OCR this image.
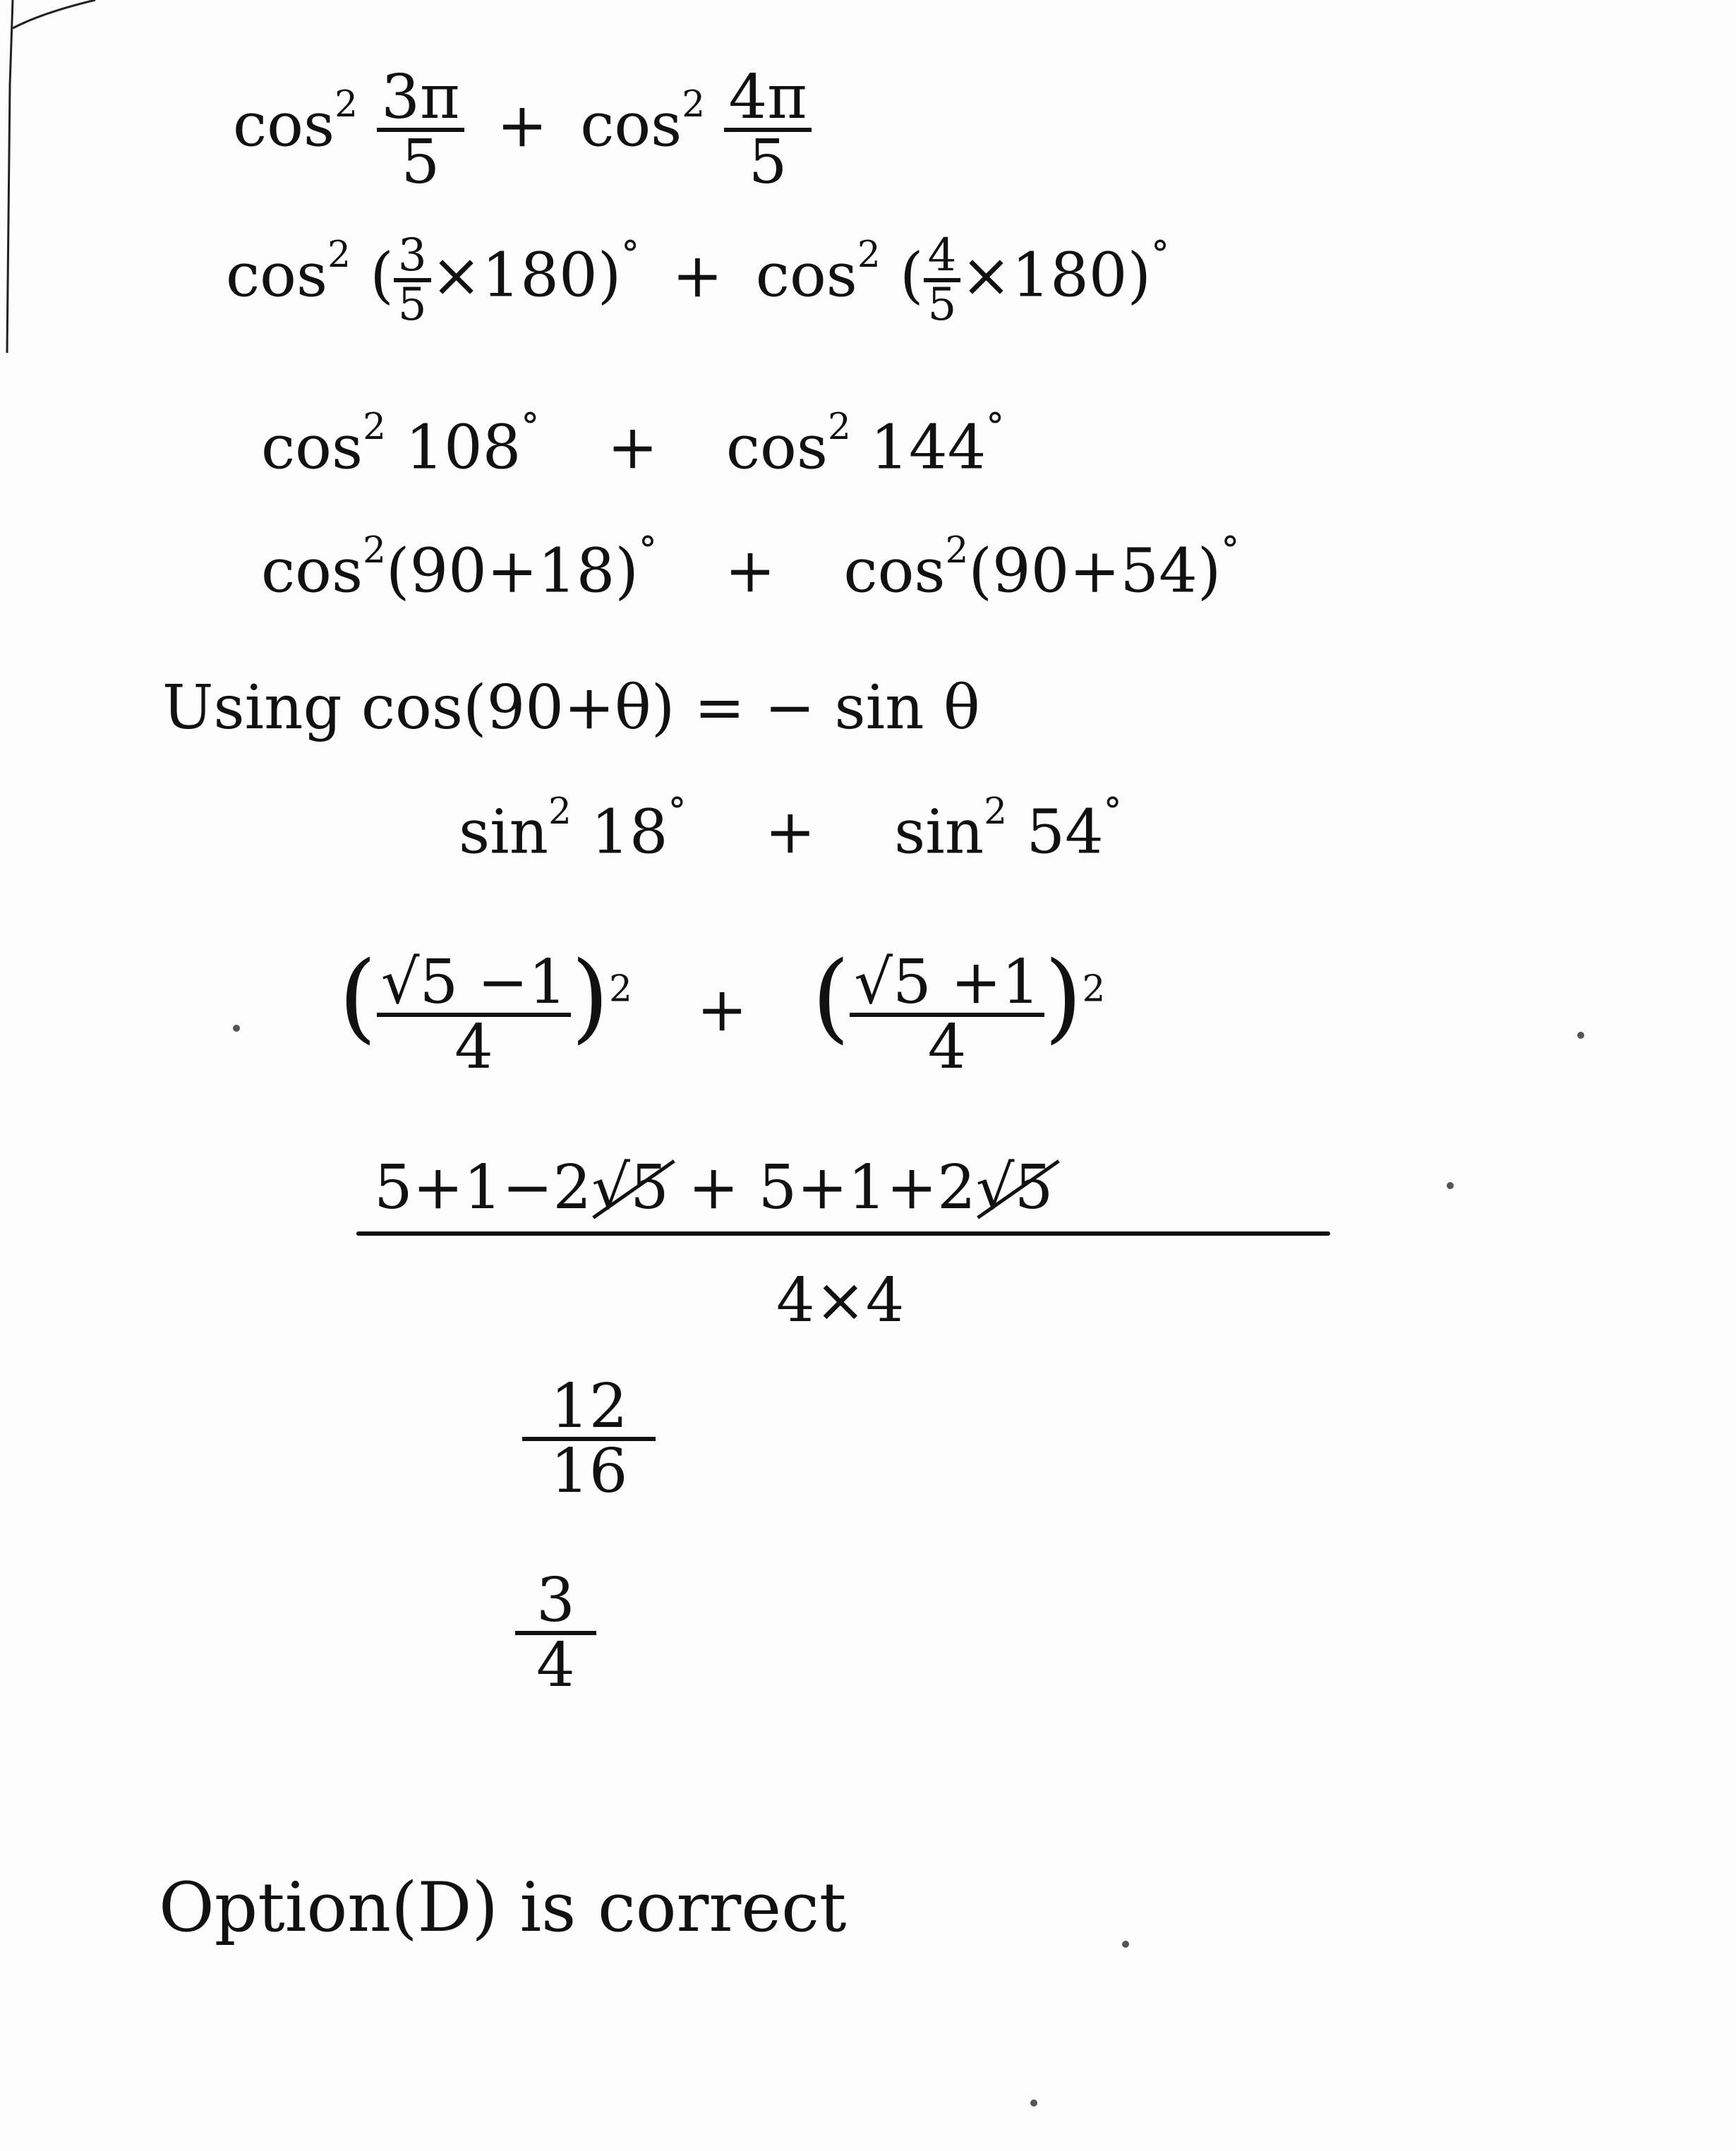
$\cos^2 \frac{3\pi}{5} + \cos^2 \frac{4\pi}{5}$
$\cos^2$ ( $\frac{3}{5} \times 180)^\circ + \cos^2$ ( $\frac{4}{5} \times 180)^\circ$
$\cos^2 108^\circ + \cos^2 144^\circ$
$\cos^2(90+18)^\circ + \cos^2(90+54)^\circ$
Using cos(90+θ) = − sin θ
$\sin^2 18^\circ + \sin^2 54^\circ$
( $\frac{√5 -1}{4} )^2$ + ( $\frac{√5 +1}{4} )^2$
5+1−2√5 + 5+1+2√5
4×4
$\frac{12}{16}$
$\frac{3}{4}$
Option(D) is correct
